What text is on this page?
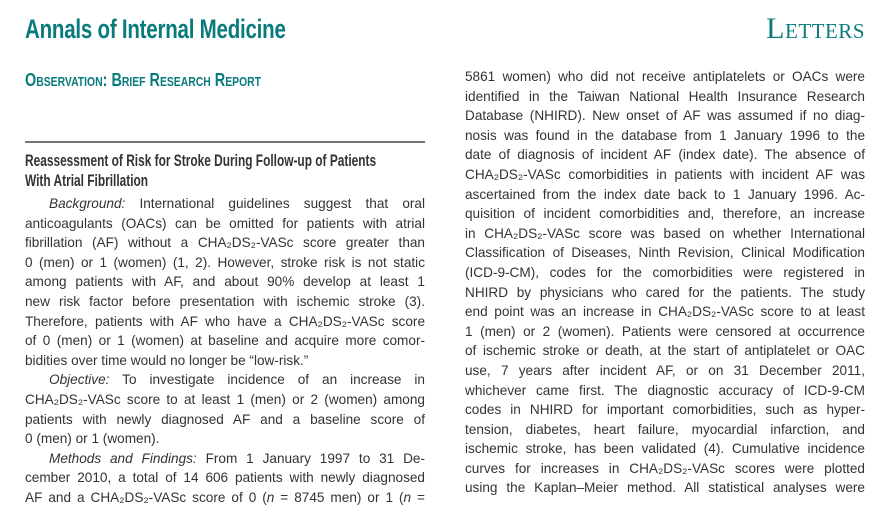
Annals of Internal Medicine	Letters
Observation: Brief Research Report
Reassessment of Risk for Stroke During Follow-up of Patients
With Atrial Fibrillation
Background: International guidelines suggest that oral
anticoagulants (OACs) can be omitted for patients with atrial
fibrillation (AF) without a CHA₂DS₂-VASc score greater than
0 (men) or 1 (women) (1, 2). However, stroke risk is not static
among patients with AF, and about 90% develop at least 1
new risk factor before presentation with ischemic stroke (3).
Therefore, patients with AF who have a CHA₂DS₂-VASc score
of 0 (men) or 1 (women) at baseline and acquire more comor-
bidities over time would no longer be “low-risk.”
Objective: To investigate incidence of an increase in
CHA₂DS₂-VASc score to at least 1 (men) or 2 (women) among
patients with newly diagnosed AF and a baseline score of
0 (men) or 1 (women).
Methods and Findings: From 1 January 1997 to 31 De-
cember 2010, a total of 14 606 patients with newly diagnosed
AF and a CHA₂DS₂-VASc score of 0 (n = 8745 men) or 1 (n =
5861 women) who did not receive antiplatelets or OACs were
identified in the Taiwan National Health Insurance Research
Database (NHIRD). New onset of AF was assumed if no diag-
nosis was found in the database from 1 January 1996 to the
date of diagnosis of incident AF (index date). The absence of
CHA₂DS₂-VASc comorbidities in patients with incident AF was
ascertained from the index date back to 1 January 1996. Ac-
quisition of incident comorbidities and, therefore, an increase
in CHA₂DS₂-VASc score was based on whether International
Classification of Diseases, Ninth Revision, Clinical Modification
(ICD-9-CM), codes for the comorbidities were registered in
NHIRD by physicians who cared for the patients. The study
end point was an increase in CHA₂DS₂-VASc score to at least
1 (men) or 2 (women). Patients were censored at occurrence
of ischemic stroke or death, at the start of antiplatelet or OAC
use, 7 years after incident AF, or on 31 December 2011,
whichever came first. The diagnostic accuracy of ICD-9-CM
codes in NHIRD for important comorbidities, such as hyper-
tension, diabetes, heart failure, myocardial infarction, and
ischemic stroke, has been validated (4). Cumulative incidence
curves for increases in CHA₂DS₂-VASc scores were plotted
using the Kaplan–Meier method. All statistical analyses were
